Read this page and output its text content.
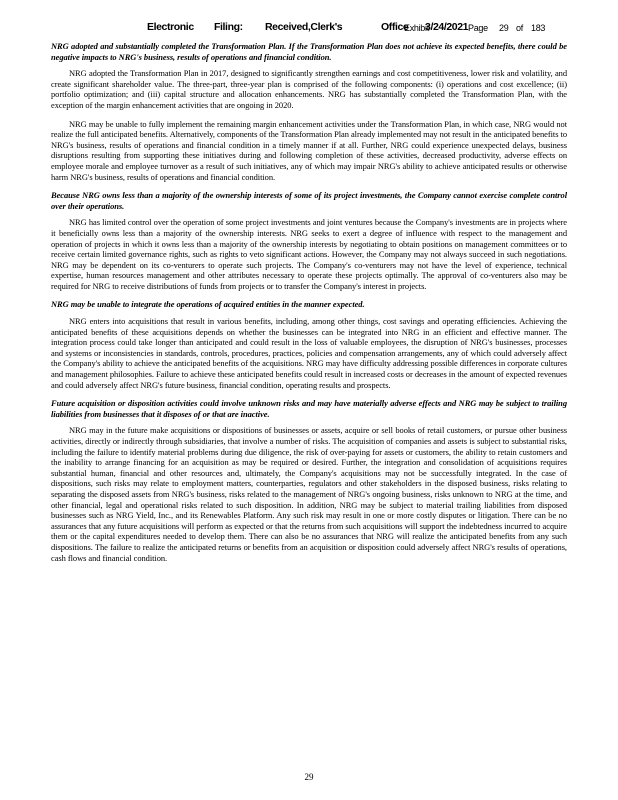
Electronic Filing: Received,Clerk's	Office
Exhibit
3/24/2021 Page 29 of 183

NRG adopted and substantially completed the Transformation Plan. If the Transformation Plan does not achieve its expected benefits, there could be negative impacts to NRG's business, results of operations and financial condition.

NRG adopted the Transformation Plan in 2017, designed to significantly strengthen earnings and cost competitiveness, lower risk and volatility, and create significant shareholder value. The three-part, three-year plan is comprised of the following components: (i) operations and cost excellence; (ii) portfolio optimization; and (iii) capital structure and allocation enhancements. NRG has substantially completed the Transformation Plan, with the exception of the margin enhancement activities that are ongoing in 2020.

NRG may be unable to fully implement the remaining margin enhancement activities under the Transformation Plan, in which case, NRG would not realize the full anticipated benefits. Alternatively, components of the Transformation Plan already implemented may not result in the anticipated benefits to NRG's business, results of operations and financial condition in a timely manner if at all. Further, NRG could experience unexpected delays, business disruptions resulting from supporting these initiatives during and following completion of these activities, decreased productivity, adverse effects on employee morale and employee turnover as a result of such initiatives, any of which may impair NRG's ability to achieve anticipated results or otherwise harm NRG's business, results of operations and financial condition.

Because NRG owns less than a majority of the ownership interests of some of its project investments, the Company cannot exercise complete control over their operations.

NRG has limited control over the operation of some project investments and joint ventures because the Company's investments are in projects where it beneficially owns less than a majority of the ownership interests. NRG seeks to exert a degree of influence with respect to the management and operation of projects in which it owns less than a majority of the ownership interests by negotiating to obtain positions on management committees or to receive certain limited governance rights, such as rights to veto significant actions. However, the Company may not always succeed in such negotiations. NRG may be dependent on its co-venturers to operate such projects. The Company's co-venturers may not have the level of experience, technical expertise, human resources management and other attributes necessary to operate these projects optimally. The approval of co-venturers also may be required for NRG to receive distributions of funds from projects or to transfer the Company's interest in projects.

NRG may be unable to integrate the operations of acquired entities in the manner expected.

NRG enters into acquisitions that result in various benefits, including, among other things, cost savings and operating efficiencies. Achieving the anticipated benefits of these acquisitions depends on whether the businesses can be integrated into NRG in an efficient and effective manner. The integration process could take longer than anticipated and could result in the loss of valuable employees, the disruption of NRG's businesses, processes and systems or inconsistencies in standards, controls, procedures, practices, policies and compensation arrangements, any of which could adversely affect the Company's ability to achieve the anticipated benefits of the acquisitions. NRG may have difficulty addressing possible differences in corporate cultures and management philosophies. Failure to achieve these anticipated benefits could result in increased costs or decreases in the amount of expected revenues and could adversely affect NRG's future business, financial condition, operating results and prospects.

Future acquisition or disposition activities could involve unknown risks and may have materially adverse effects and NRG may be subject to trailing liabilities from businesses that it disposes of or that are inactive.

NRG may in the future make acquisitions or dispositions of businesses or assets, acquire or sell books of retail customers, or pursue other business activities, directly or indirectly through subsidiaries, that involve a number of risks. The acquisition of companies and assets is subject to substantial risks, including the failure to identify material problems during due diligence, the risk of over-paying for assets or customers, the ability to retain customers and the inability to arrange financing for an acquisition as may be required or desired. Further, the integration and consolidation of acquisitions requires substantial human, financial and other resources and, ultimately, the Company's acquisitions may not be successfully integrated. In the case of dispositions, such risks may relate to employment matters, counterparties, regulators and other stakeholders in the disposed business, risks relating to separating the disposed assets from NRG's business, risks related to the management of NRG's ongoing business, risks unknown to NRG at the time, and other financial, legal and operational risks related to such disposition. In addition, NRG may be subject to material trailing liabilities from disposed businesses such as NRG Yield, Inc., and its Renewables Platform. Any such risk may result in one or more costly disputes or litigation. There can be no assurances that any future acquisitions will perform as expected or that the returns from such acquisitions will support the indebtedness incurred to acquire them or the capital expenditures needed to develop them. There can also be no assurances that NRG will realize the anticipated benefits from any such dispositions. The failure to realize the anticipated returns or benefits from an acquisition or disposition could adversely affect NRG's results of operations, cash flows and financial condition.

29
